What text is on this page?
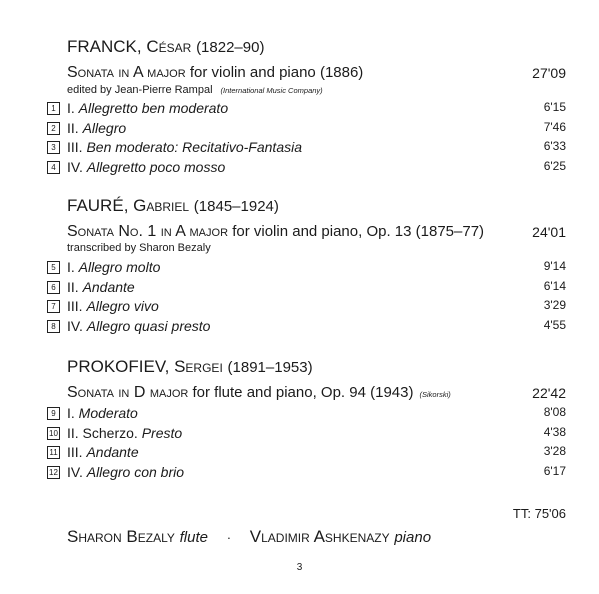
FRANCK, César (1822–90)
Sonata in A major for violin and piano (1886)	27'09
edited by Jean-Pierre Rampal (International Music Company)
1 I. Allegretto ben moderato	6'15
2 II. Allegro	7'46
3 III. Ben moderato: Recitativo-Fantasia	6'33
4 IV. Allegretto poco mosso	6'25
FAURÉ, Gabriel (1845–1924)
Sonata No. 1 in A major for violin and piano, Op. 13 (1875–77)	24'01
transcribed by Sharon Bezaly
5 I. Allegro molto	9'14
6 II. Andante	6'14
7 III. Allegro vivo	3'29
8 IV. Allegro quasi presto	4'55
PROKOFIEV, Sergei (1891–1953)
Sonata in D major for flute and piano, Op. 94 (1943) (Sikorski)	22'42
9 I. Moderato	8'08
10 II. Scherzo. Presto	4'38
11 III. Andante	3'28
12 IV. Allegro con brio	6'17
TT: 75'06
Sharon Bezaly flute · Vladimir Ashkenazy piano
3
